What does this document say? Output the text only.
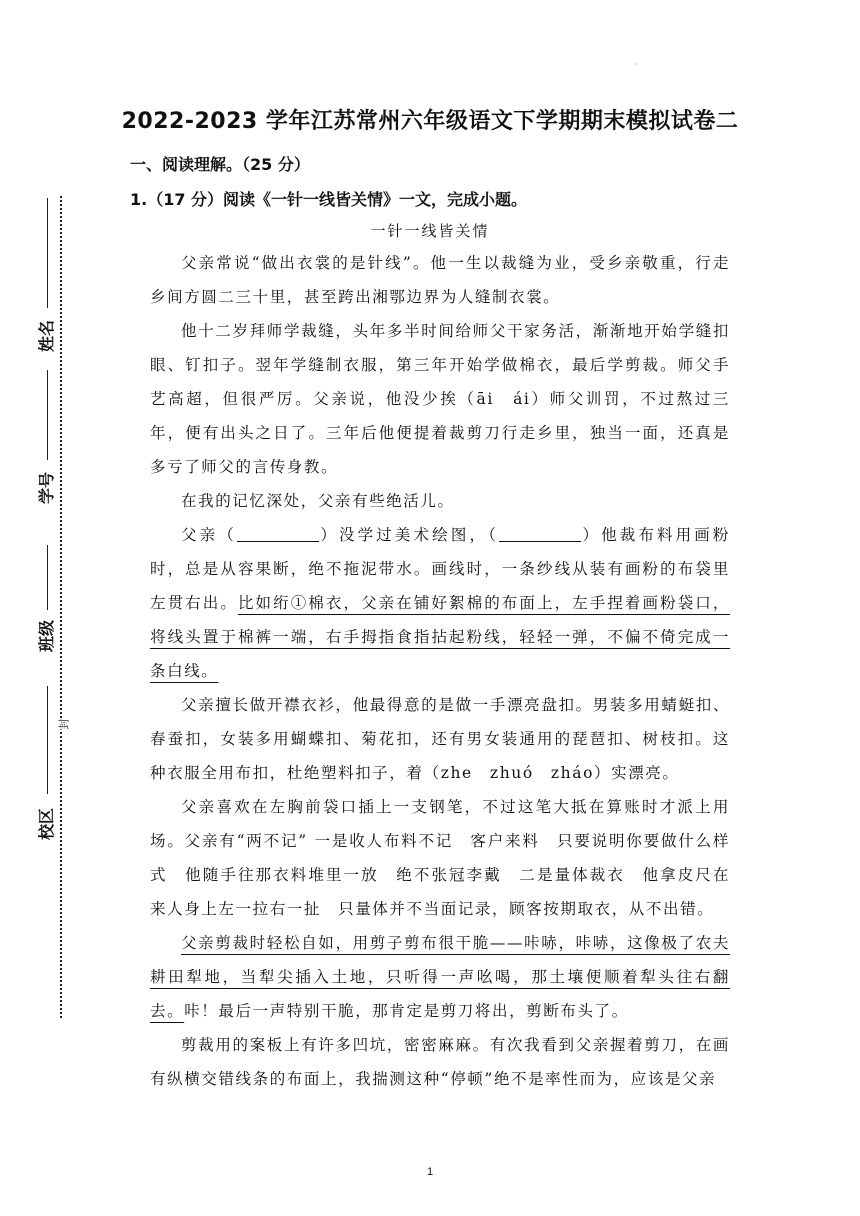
·
2022-2023 学年江苏常州六年级语文下学期期末模拟试卷二
一、阅读理解。（25 分）
1.（17 分）阅读《一针一线皆关情》一文，完成小题。
一针一线皆关情
姓名
学号
班级
校区
封

父亲常说“做出衣裳的是针线”。他一生以裁缝为业，受乡亲敬重，行走乡间方圆二三十里，甚至跨出湘鄂边界为人缝制衣裳。

他十二岁拜师学裁缝，头年多半时间给师父干家务活，渐渐地开始学缝扣眼、钉扣子。翌年学缝制衣服，第三年开始学做棉衣，最后学剪裁。师父手艺高超，但很严厉。父亲说，他没少挨（āi　ái）师父训罚，不过熬过三年，便有出头之日了。三年后他便提着裁剪刀行走乡里，独当一面，还真是多亏了师父的言传身教。

在我的记忆深处，父亲有些绝活儿。

父亲（	）没学过美术绘图，（	）他裁布料用画粉时，总是从容果断，绝不拖泥带水。画线时，一条纱线从装有画粉的布袋里左贯右出。比如绗①棉衣，父亲在铺好絮棉的布面上，左手捏着画粉袋口，将线头置于棉裤一端，右手拇指食指拈起粉线，轻轻一弹，不偏不倚完成一条白线。

父亲擅长做开襟衣衫，他最得意的是做一手漂亮盘扣。男装多用蜻蜓扣、春蚕扣，女装多用蝴蝶扣、菊花扣，还有男女装通用的琵琶扣、树枝扣。这种衣服全用布扣，杜绝塑料扣子，着（zhe　zhuó　zháo）实漂亮。

父亲喜欢在左胸前袋口插上一支钢笔，不过这笔大抵在算账时才派上用场。父亲有“两不记” 一是收人布料不记　客户来料　只要说明你要做什么样式　他随手往那衣料堆里一放　绝不张冠李戴　二是量体裁衣　他拿皮尺在来人身上左一拉右一扯　只量体并不当面记录，顾客按期取衣，从不出错。

父亲剪裁时轻松自如，用剪子剪布很干脆——咔哧，咔哧，这像极了农夫耕田犁地，当犁尖插入土地，只听得一声吆喝，那土壤便顺着犁头往右翻去。咔！最后一声特别干脆，那肯定是剪刀将出，剪断布头了。

剪裁用的案板上有许多凹坑，密密麻麻。有次我看到父亲握着剪刀，在画有纵横交错线条的布面上，我揣测这种“停顿”绝不是率性而为，应该是父亲

1
